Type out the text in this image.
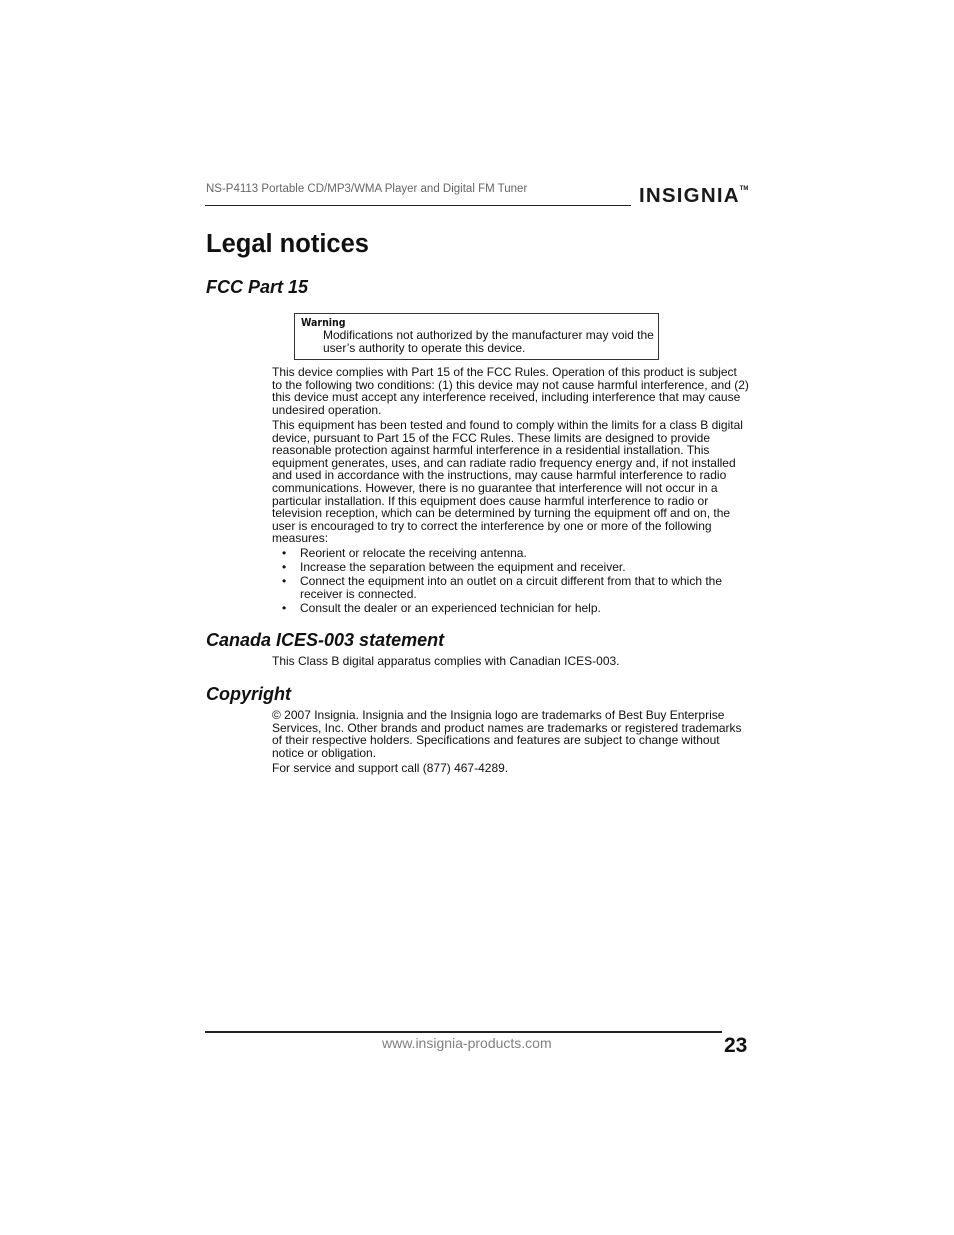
NS-P4113 Portable CD/MP3/WMA Player and Digital FM Tuner	INSIGNIA™
Legal notices
FCC Part 15
Warning
Modifications not authorized by the manufacturer may void the user’s authority to operate this device.

This device complies with Part 15 of the FCC Rules. Operation of this product is subject to the following two conditions: (1) this device may not cause harmful interference, and (2) this device must accept any interference received, including interference that may cause undesired operation.

This equipment has been tested and found to comply within the limits for a class B digital device, pursuant to Part 15 of the FCC Rules. These limits are designed to provide reasonable protection against harmful interference in a residential installation. This equipment generates, uses, and can radiate radio frequency energy and, if not installed and used in accordance with the instructions, may cause harmful interference to radio communications. However, there is no guarantee that interference will not occur in a particular installation. If this equipment does cause harmful interference to radio or television reception, which can be determined by turning the equipment off and on, the user is encouraged to try to correct the interference by one or more of the following measures:

• Reorient or relocate the receiving antenna.
• Increase the separation between the equipment and receiver.
• Connect the equipment into an outlet on a circuit different from that to which the receiver is connected.
• Consult the dealer or an experienced technician for help.
Canada ICES-003 statement

This Class B digital apparatus complies with Canadian ICES-003.

Copyright

© 2007 Insignia. Insignia and the Insignia logo are trademarks of Best Buy Enterprise Services, Inc. Other brands and product names are trademarks or registered trademarks of their respective holders. Specifications and features are subject to change without notice or obligation.

For service and support call (877) 467-4289.

www.insignia-products.com	23
